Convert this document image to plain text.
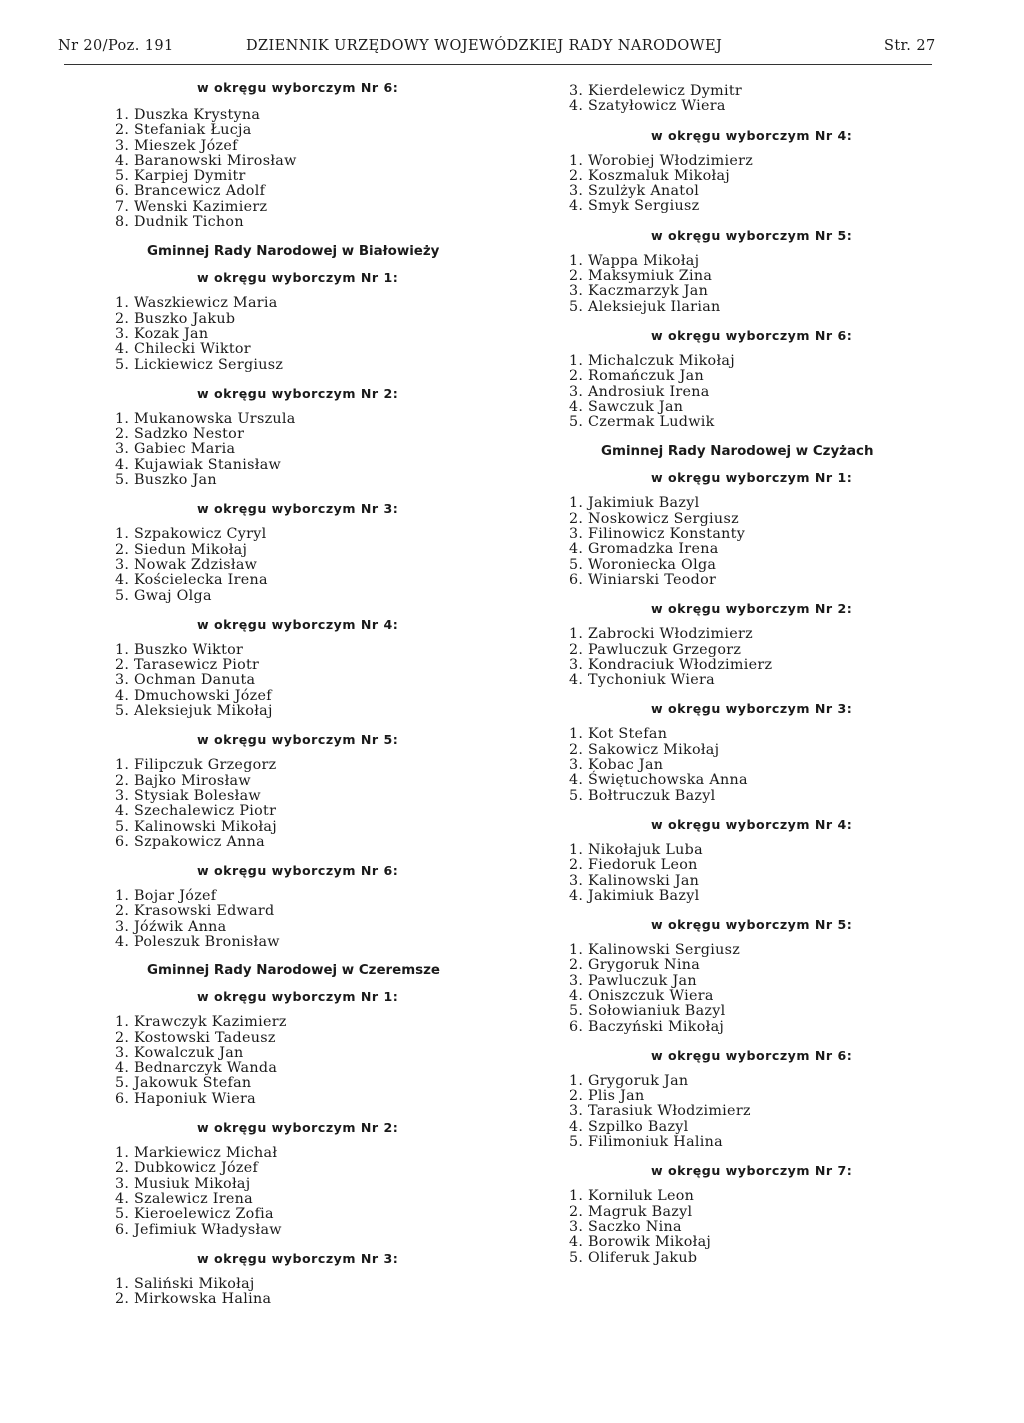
Nr 20/Poz. 191	DZIENNIK URZĘDOWY WOJEWÓDZKIEJ RADY NARODOWEJ	Str. 27
w okręgu wyborczym Nr 6:
1. Duszka Krystyna
2. Stefaniak Łucja
3. Mieszek Józef
4. Baranowski Mirosław
5. Karpiej Dymitr
6. Brancewicz Adolf
7. Wenski Kazimierz
8. Dudnik Tichon
Gminnej Rady Narodowej w Białowieży
w okręgu wyborczym Nr 1:
1. Waszkiewicz Maria
2. Buszko Jakub
3. Kozak Jan
4. Chilecki Wiktor
5. Lickiewicz Sergiusz
w okręgu wyborczym Nr 2:
1. Mukanowska Urszula
2. Sadzko Nestor
3. Gabiec Maria
4. Kujawiak Stanisław
5. Buszko Jan
w okręgu wyborczym Nr 3:
1. Szpakowicz Cyryl
2. Siedun Mikołaj
3. Nowak Zdzisław
4. Kościelecka Irena
5. Gwaj Olga
w okręgu wyborczym Nr 4:
1. Buszko Wiktor
2. Tarasewicz Piotr
3. Ochman Danuta
4. Dmuchowski Józef
5. Aleksiejuk Mikołaj
w okręgu wyborczym Nr 5:
1. Filipczuk Grzegorz
2. Bajko Mirosław
3. Stysiak Bolesław
4. Szechalewicz Piotr
5. Kalinowski Mikołaj
6. Szpakowicz Anna
w okręgu wyborczym Nr 6:
1. Bojar Józef
2. Krasowski Edward
3. Jóźwik Anna
4. Poleszuk Bronisław
Gminnej Rady Narodowej w Czeremsze
w okręgu wyborczym Nr 1:
1. Krawczyk Kazimierz
2. Kostowski Tadeusz
3. Kowalczuk Jan
4. Bednarczyk Wanda
5. Jakowuk Stefan
6. Haponiuk Wiera
w okręgu wyborczym Nr 2:
1. Markiewicz Michał
2. Dubkowicz Józef
3. Musiuk Mikołaj
4. Szalewicz Irena
5. Kieroelewicz Zofia
6. Jefimiuk Władysław
w okręgu wyborczym Nr 3:
1. Saliński Mikołaj
2. Mirkowska Halina
3. Kierdelewicz Dymitr
4. Szatyłowicz Wiera
w okręgu wyborczym Nr 4:
1. Worobiej Włodzimierz
2. Koszmaluk Mikołaj
3. Szulżyk Anatol
4. Smyk Sergiusz
w okręgu wyborczym Nr 5:
1. Wappa Mikołaj
2. Maksymiuk Zina
3. Kaczmarzyk Jan
5. Aleksiejuk Ilarian
w okręgu wyborczym Nr 6:
1. Michalczuk Mikołaj
2. Romańczuk Jan
3. Androsiuk Irena
4. Sawczuk Jan
5. Czermak Ludwik
Gminnej Rady Narodowej w Czyżach
w okręgu wyborczym Nr 1:
1. Jakimiuk Bazyl
2. Noskowicz Sergiusz
3. Filinowicz Konstanty
4. Gromadzka Irena
5. Woroniecka Olga
6. Winiarski Teodor
w okręgu wyborczym Nr 2:
1. Zabrocki Włodzimierz
2. Pawluczuk Grzegorz
3. Kondraciuk Włodzimierz
4. Tychoniuk Wiera
w okręgu wyborczym Nr 3:
1. Kot Stefan
2. Sakowicz Mikołaj
3. Kobac Jan
4. Świętuchowska Anna
5. Bołtruczuk Bazyl
w okręgu wyborczym Nr 4:
1. Nikołajuk Luba
2. Fiedoruk Leon
3. Kalinowski Jan
4. Jakimiuk Bazyl
w okręgu wyborczym Nr 5:
1. Kalinowski Sergiusz
2. Grygoruk Nina
3. Pawluczuk Jan
4. Oniszczuk Wiera
5. Sołowianiuk Bazyl
6. Baczyński Mikołaj
w okręgu wyborczym Nr 6:
1. Grygoruk Jan
2. Plis Jan
3. Tarasiuk Włodzimierz
4. Szpilko Bazyl
5. Filimoniuk Halina
w okręgu wyborczym Nr 7:
1. Korniluk Leon
2. Magruk Bazyl
3. Saczko Nina
4. Borowik Mikołaj
5. Oliferuk Jakub
